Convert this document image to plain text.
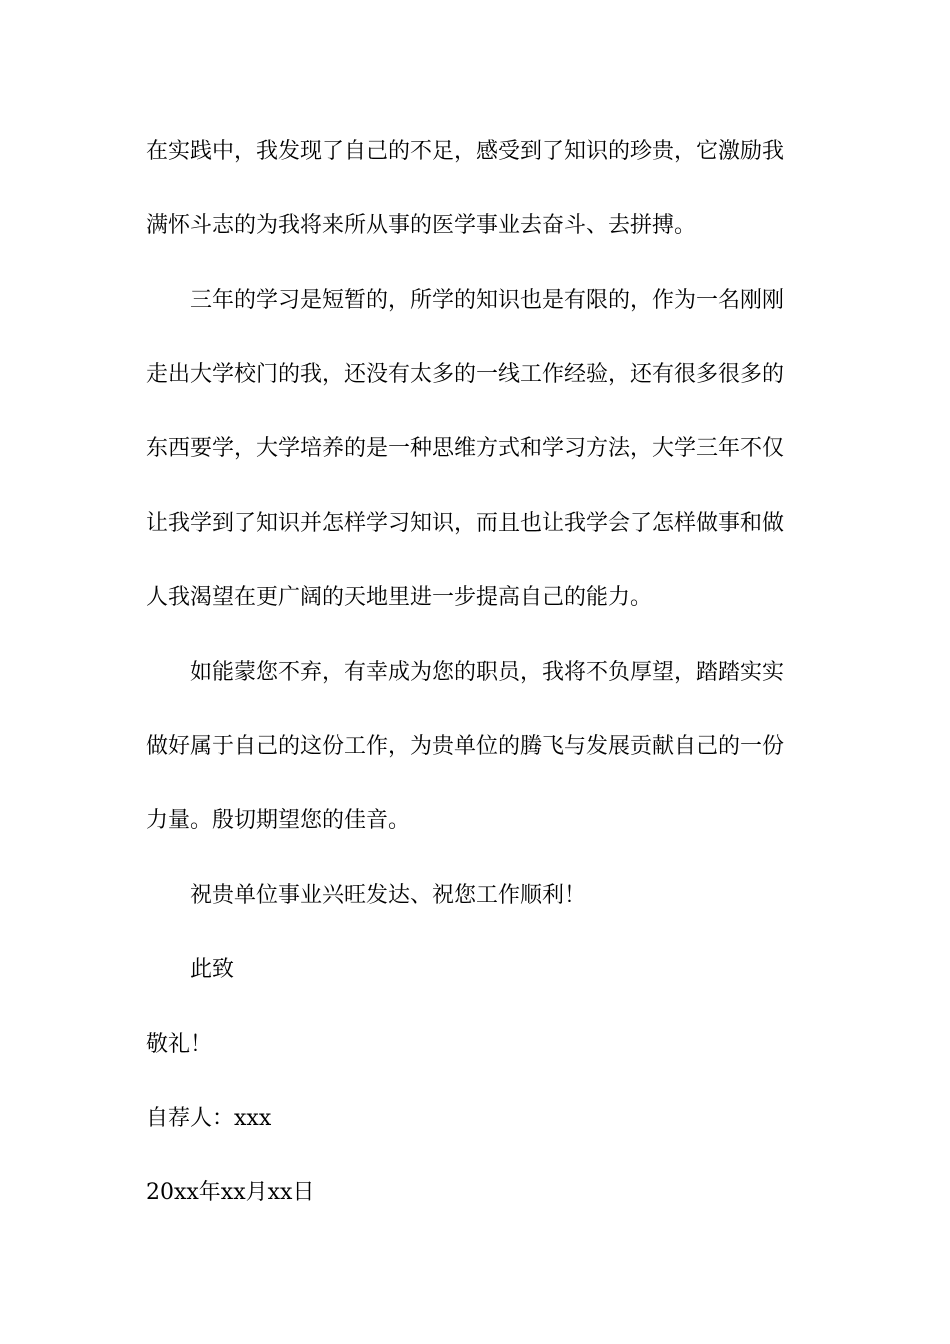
在实践中，我发现了自己的不足，感受到了知识的珍贵，它激励我
满怀斗志的为我将来所从事的医学事业去奋斗、去拼搏。
三年的学习是短暂的，所学的知识也是有限的，作为一名刚刚
走出大学校门的我，还没有太多的一线工作经验，还有很多很多的
东西要学，大学培养的是一种思维方式和学习方法，大学三年不仅
让我学到了知识并怎样学习知识，而且也让我学会了怎样做事和做
人我渴望在更广阔的天地里进一步提高自己的能力。
如能蒙您不弃，有幸成为您的职员，我将不负厚望，踏踏实实
做好属于自己的这份工作，为贵单位的腾飞与发展贡献自己的一份
力量。殷切期望您的佳音。
祝贵单位事业兴旺发达、祝您工作顺利！
此致
敬礼！
自荐人：xxx
20xx年xx月xx日
